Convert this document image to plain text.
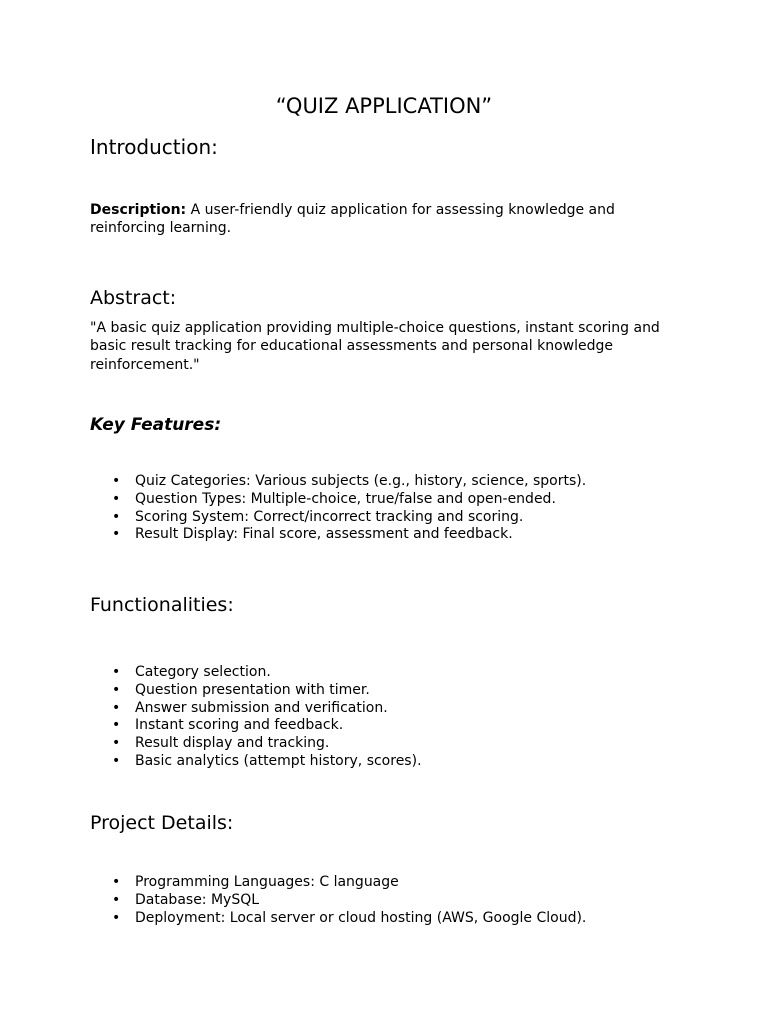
“QUIZ APPLICATION”
Introduction:

Description: A user-friendly quiz application for assessing knowledge and reinforcing learning.

Abstract:

"A basic quiz application providing multiple-choice questions, instant scoring and basic result tracking for educational assessments and personal knowledge reinforcement."

Key Features:
• Quiz Categories: Various subjects (e.g., history, science, sports).
• Question Types: Multiple-choice, true/false and open-ended.
• Scoring System: Correct/incorrect tracking and scoring.
• Result Display: Final score, assessment and feedback.
Functionalities:
• Category selection.
• Question presentation with timer.
• Answer submission and verification.
• Instant scoring and feedback.
• Result display and tracking.
• Basic analytics (attempt history, scores).
Project Details:
• Programming Languages: C language
• Database: MySQL
• Deployment: Local server or cloud hosting (AWS, Google Cloud).
